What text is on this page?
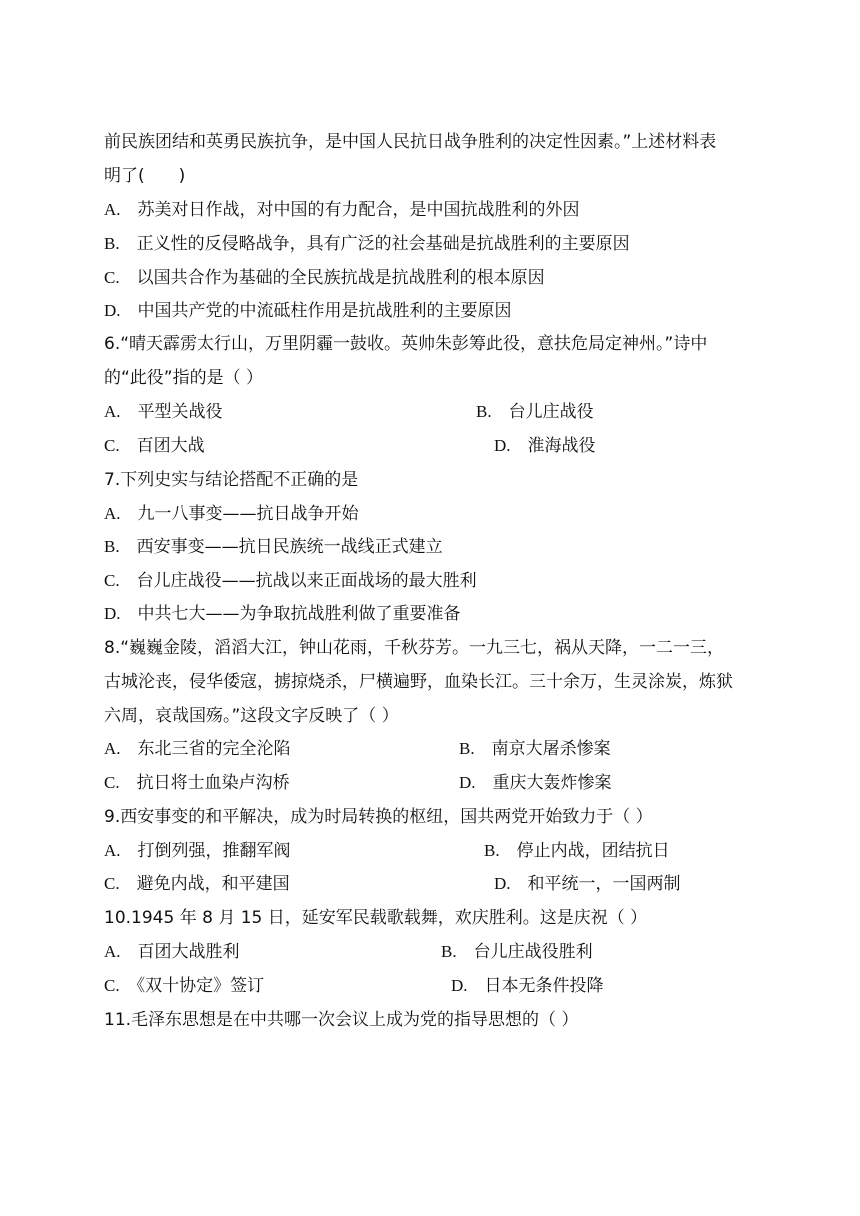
前民族团结和英勇民族抗争，是中国人民抗日战争胜利的决定性因素。”上述材料表
明了(　　)
A.　 苏美对日作战，对中国的有力配合，是中国抗战胜利的外因
B.　 正义性的反侵略战争，具有广泛的社会基础是抗战胜利的主要原因
C.　 以国共合作为基础的全民族抗战是抗战胜利的根本原因
D.　 中国共产党的中流砥柱作用是抗战胜利的主要原因
6.“晴天霹雳太行山，万里阴霾一鼓收。英帅朱彭筹此役，意扶危局定神州。”诗中
的“此役”指的是（ ）
A.　 平型关战役	B.　 台儿庄战役
C.　 百团大战	D.　 淮海战役
7.下列史实与结论搭配不正确的是
A.　 九一八事变——抗日战争开始
B.　 西安事变——抗日民族统一战线正式建立
C.　 台儿庄战役——抗战以来正面战场的最大胜利
D.　 中共七大——为争取抗战胜利做了重要准备
8.“巍巍金陵，滔滔大江，钟山花雨，千秋芬芳。一九三七，祸从天降，一二一三，
古城沦丧，侵华倭寇，掳掠烧杀，尸横遍野，血染长江。三十余万，生灵涂炭，炼狱
六周，哀哉国殇。”这段文字反映了（ ）
A.　 东北三省的完全沦陷	B.　 南京大屠杀惨案
C.　 抗日将士血染卢沟桥	D.　 重庆大轰炸惨案
9.西安事变的和平解决，成为时局转换的枢纽，国共两党开始致力于（ ）
A.　 打倒列强，推翻军阀	B.　 停止内战，团结抗日
C.　 避免内战，和平建国	D.　 和平统一，一国两制
10.1945 年 8 月 15 日，延安军民载歌载舞，欢庆胜利。这是庆祝（ ）
A.　 百团大战胜利	B.　 台儿庄战役胜利
C.　 《双十协定》签订	D.　 日本无条件投降
11.毛泽东思想是在中共哪一次会议上成为党的指导思想的（ ）
